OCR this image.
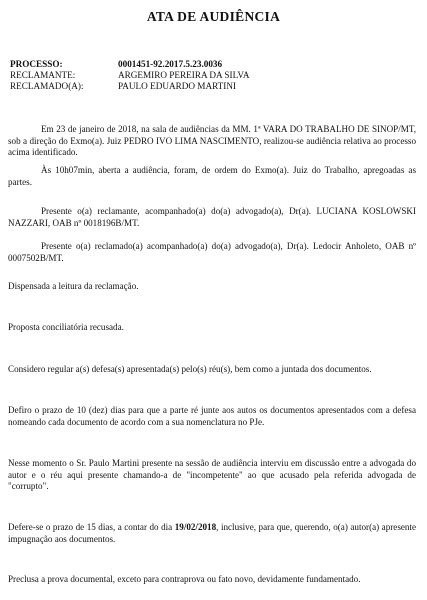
ATA DE AUDIÊNCIA
PROCESSO:	0001451-92.2017.5.23.0036
RECLAMANTE:	ARGEMIRO PEREIRA DA SILVA
RECLAMADO(A):	PAULO EDUARDO MARTINI
Em 23 de janeiro de 2018, na sala de audiências da MM. 1ª VARA DO TRABALHO DE SINOP/MT, sob a direção do Exmo(a). Juiz PEDRO IVO LIMA NASCIMENTO, realizou-se audiência relativa ao processo acima identificado.
Às 10h07min, aberta a audiência, foram, de ordem do Exmo(a). Juiz do Trabalho, apregoadas as partes.
Presente o(a) reclamante, acompanhado(a) do(a) advogado(a), Dr(a). LUCIANA KOSLOWSKI NAZZARI, OAB nº 0018196B/MT.
Presente o(a) reclamado(a) acompanhado(a) do(a) advogado(a), Dr(a). Ledocir Anholeto, OAB nº 0007502B/MT.
Dispensada a leitura da reclamação.
Proposta conciliatória recusada.
Considero regular a(s) defesa(s) apresentada(s) pelo(s) réu(s), bem como a juntada dos documentos.
Defiro o prazo de 10 (dez) dias para que a parte ré junte aos autos os documentos apresentados com a defesa nomeando cada documento de acordo com a sua nomenclatura no PJe.
Nesse momento o Sr. Paulo Martini presente na sessão de audiência interviu em discussão entre a advogada do autor e o réu aqui presente chamando-a de "incompetente" ao que acusado pela referida advogada de "corrupto".
Defere-se o prazo de 15 dias, a contar do dia 19/02/2018, inclusive, para que, querendo, o(a) autor(a) apresente impugnação aos documentos.
Preclusa a prova documental, exceto para contraprova ou fato novo, devidamente fundamentado.
